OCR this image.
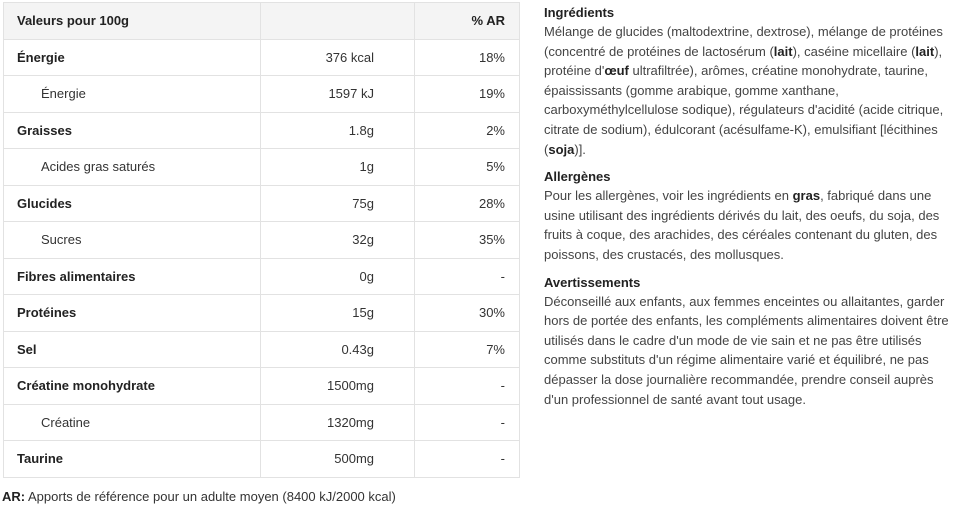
Valeurs pour 100g		% AR
Énergie	376 kcal	18%
Énergie	1597 kJ	19%
Graisses	1.8g	2%
Acides gras saturés	1g	5%
Glucides	75g	28%
Sucres	32g	35%
Fibres alimentaires	0g	-
Protéines	15g	30%
Sel	0.43g	7%
Créatine monohydrate	1500mg	-
Créatine	1320mg	-
Taurine	500mg	-
AR: Apports de référence pour un adulte moyen (8400 kJ/2000 kcal)
Ingrédients

Mélange de glucides (maltodextrine, dextrose), mélange de protéines (concentré de protéines de lactosérum (lait), caséine micellaire (lait), protéine d'œuf ultrafiltrée), arômes, créatine monohydrate, taurine, épaississants (gomme arabique, gomme xanthane, carboxyméthylcellulose sodique), régulateurs d'acidité (acide citrique, citrate de sodium), édulcorant (acésulfame-K), emulsifiant [lécithines (soja)].

Allergènes

Pour les allergènes, voir les ingrédients en gras, fabriqué dans une usine utilisant des ingrédients dérivés du lait, des oeufs, du soja, des fruits à coque, des arachides, des céréales contenant du gluten, des poissons, des crustacés, des mollusques.

Avertissements

Déconseillé aux enfants, aux femmes enceintes ou allaitantes, garder hors de portée des enfants, les compléments alimentaires doivent être utilisés dans le cadre d'un mode de vie sain et ne pas être utilisés comme substituts d'un régime alimentaire varié et équilibré, ne pas dépasser la dose journalière recommandée, prendre conseil auprès d'un professionnel de santé avant tout usage.
